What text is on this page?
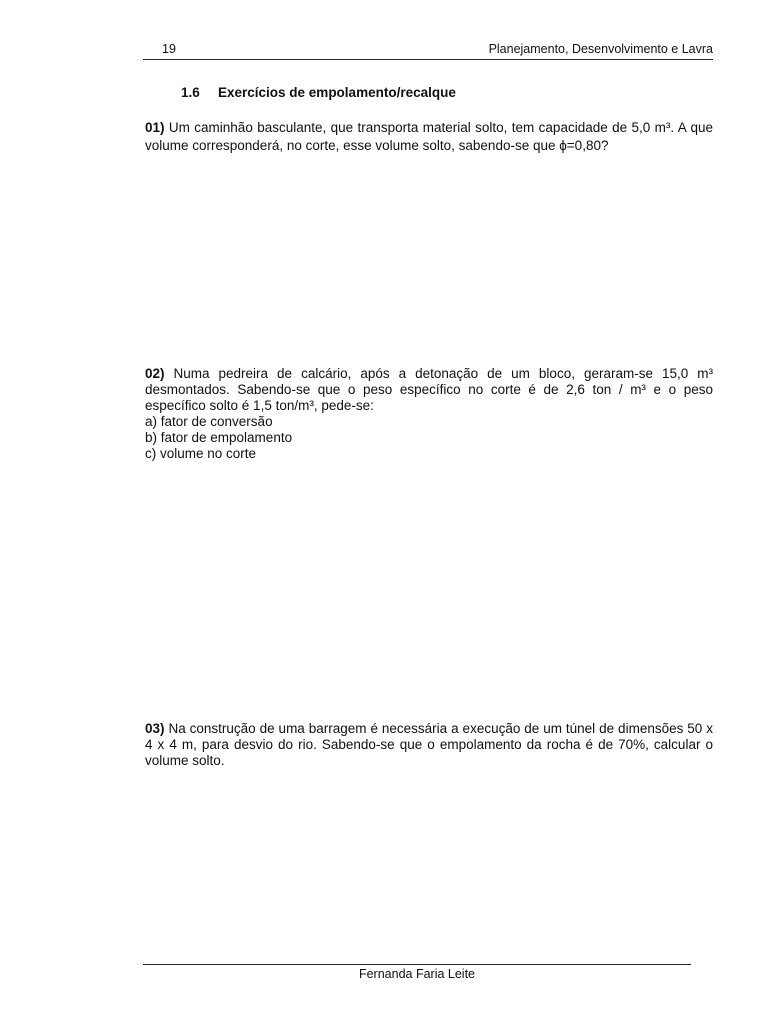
19	Planejamento, Desenvolvimento e Lavra
1.6 Exercícios de empolamento/recalque

01) Um caminhão basculante, que transporta material solto, tem capacidade de 5,0 m³. A que volume corresponderá, no corte, esse volume solto, sabendo-se que ϕ=0,80?

02) Numa pedreira de calcário, após a detonação de um bloco, geraram-se 15,0 m³ desmontados. Sabendo-se que o peso específico no corte é de 2,6 ton / m³ e o peso específico solto é 1,5 ton/m³, pede-se:

a) fator de conversão
b) fator de empolamento
c) volume no corte

03) Na construção de uma barragem é necessária a execução de um túnel de dimensões 50 x 4 x 4 m, para desvio do rio. Sabendo-se que o empolamento da rocha é de 70%, calcular o volume solto.

Fernanda Faria Leite
